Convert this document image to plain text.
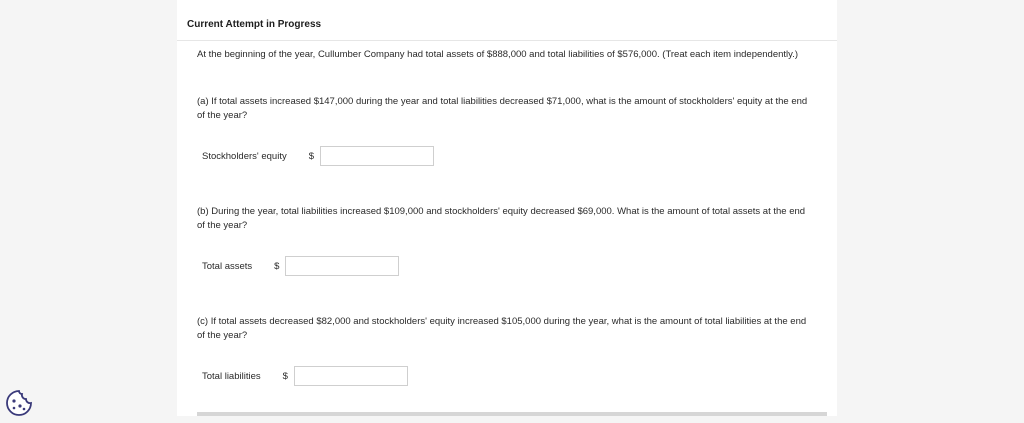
Current Attempt in Progress
At the beginning of the year, Cullumber Company had total assets of $888,000 and total liabilities of $576,000. (Treat each item independently.)
(a) If total assets increased $147,000 during the year and total liabilities decreased $71,000, what is the amount of stockholders' equity at the end of the year?
Stockholders' equity $
(b) During the year, total liabilities increased $109,000 and stockholders' equity decreased $69,000. What is the amount of total assets at the end of the year?
Total assets $
(c) If total assets decreased $82,000 and stockholders' equity increased $105,000 during the year, what is the amount of total liabilities at the end of the year?
Total liabilities $
